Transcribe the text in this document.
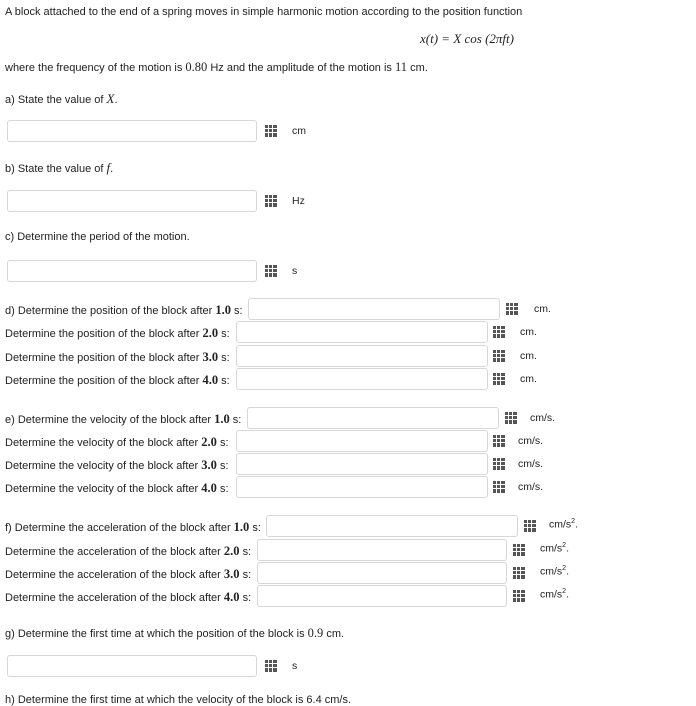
A block attached to the end of a spring moves in simple harmonic motion according to the position function
x(t) = X cos (2πft)
where the frequency of the motion is 0.80 Hz and the amplitude of the motion is 11 cm.
a) State the value of X.
cm
b) State the value of f.
Hz
c) Determine the period of the motion.
s
d) Determine the position of the block after 1.0 s:	cm.
Determine the position of the block after 2.0 s:	cm.
Determine the position of the block after 3.0 s:	cm.
Determine the position of the block after 4.0 s:	cm.
e) Determine the velocity of the block after 1.0 s:	cm/s.
Determine the velocity of the block after 2.0 s:	cm/s.
Determine the velocity of the block after 3.0 s:	cm/s.
Determine the velocity of the block after 4.0 s:	cm/s.
f) Determine the acceleration of the block after 1.0 s:	$cm/s^2$.
Determine the acceleration of the block after 2.0 s:	$cm/s^2$.
Determine the acceleration of the block after 3.0 s:	$cm/s^2$.
Determine the acceleration of the block after 4.0 s:	$cm/s^2$.
g) Determine the first time at which the position of the block is 0.9 cm.
s
h) Determine the first time at which the velocity of the block is 6.4 cm/s.
